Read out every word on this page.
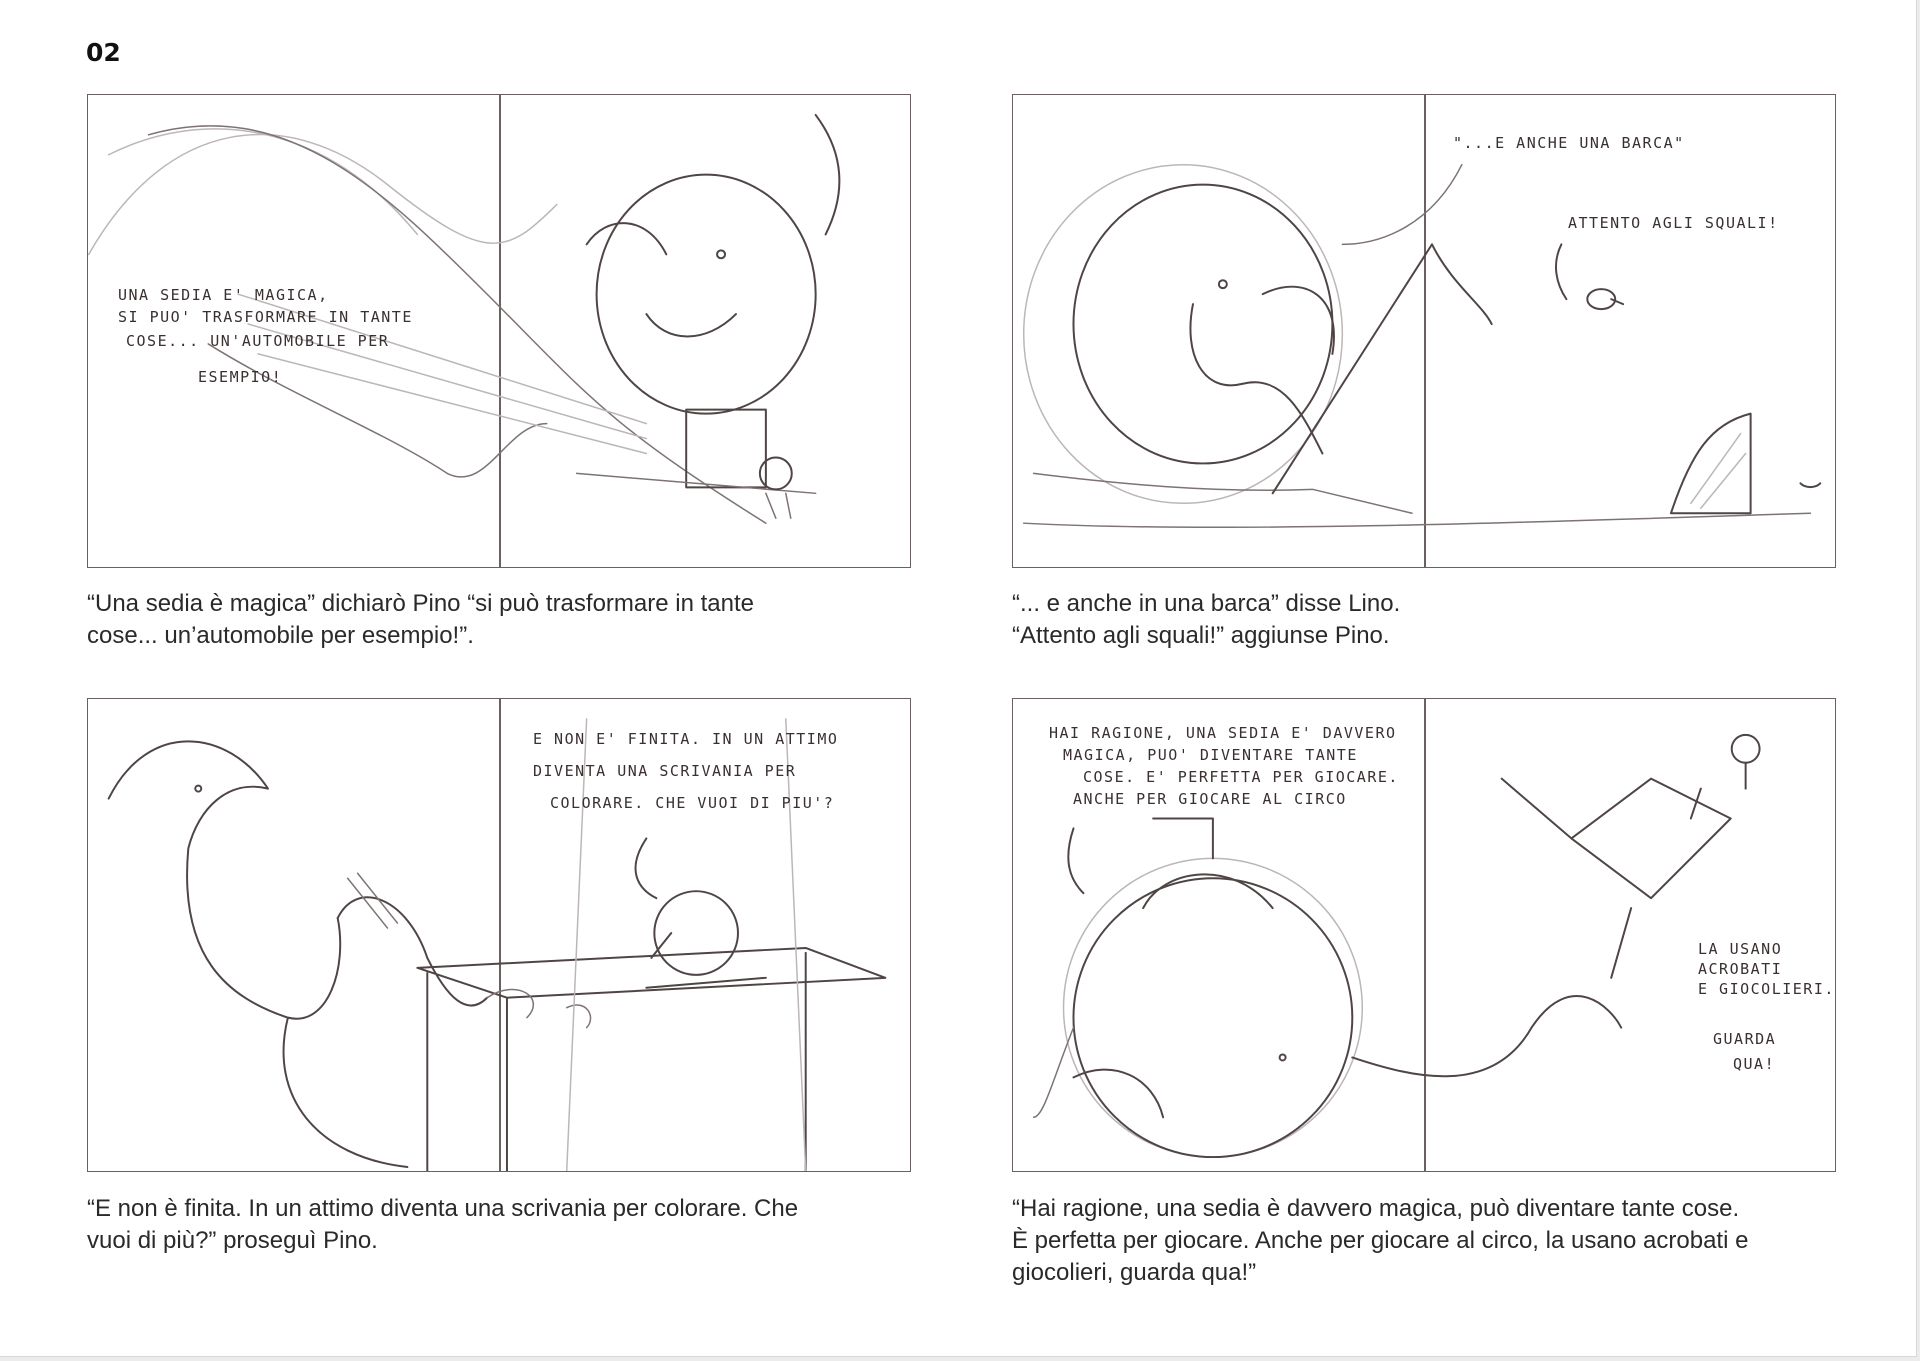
02
UNA SEDIA E' MAGICA,
SI PUO' TRASFORMARE IN TANTE
COSE... UN'AUTOMOBILE PER
ESEMPIO!

“Una sedia è magica” dichiarò Pino “si può trasformare in tante
cose... un’automobile per esempio!”.

"...E ANCHE UNA BARCA"
ATTENTO AGLI SQUALI!

“... e anche in una barca” disse Lino.
“Attento agli squali!” aggiunse Pino.

E NON E' FINITA. IN UN ATTIMO
DIVENTA UNA SCRIVANIA PER
COLORARE. CHE VUOI DI PIU'?

“E non è finita. In un attimo diventa una scrivania per colorare. Che
vuoi di più?” proseguì Pino.

HAI RAGIONE, UNA SEDIA E' DAVVERO
MAGICA, PUO' DIVENTARE TANTE
COSE. E' PERFETTA PER GIOCARE.
ANCHE PER GIOCARE AL CIRCO
LA USANO
ACROBATI
E GIOCOLIERI.
GUARDA
QUA!

“Hai ragione, una sedia è davvero magica, può diventare tante cose.
È perfetta per giocare. Anche per giocare al circo, la usano acrobati e
giocolieri, guarda qua!”
